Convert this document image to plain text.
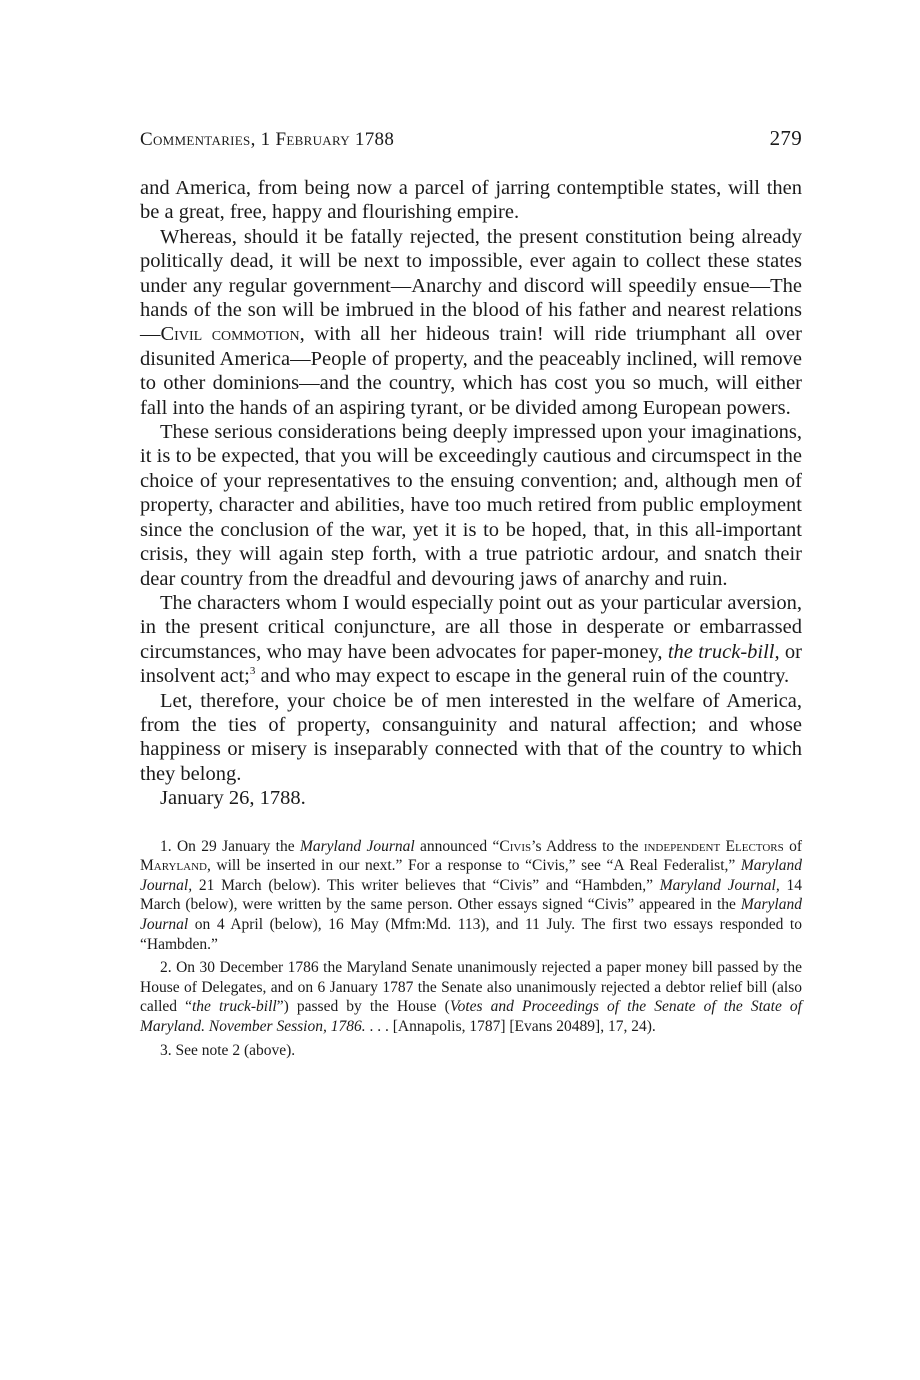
Commentaries, 1 February 1788	279

and America, from being now a parcel of jarring contemptible states, will then be a great, free, happy and flourishing empire.

Whereas, should it be fatally rejected, the present constitution being already politically dead, it will be next to impossible, ever again to collect these states under any regular government—Anarchy and discord will speedily ensue—The hands of the son will be imbrued in the blood of his father and nearest relations—Civil commotion, with all her hideous train! will ride triumphant all over disunited America—People of property, and the peaceably inclined, will remove to other dominions—and the country, which has cost you so much, will either fall into the hands of an aspiring tyrant, or be divided among European powers.

These serious considerations being deeply impressed upon your imaginations, it is to be expected, that you will be exceedingly cautious and circumspect in the choice of your representatives to the ensuing convention; and, although men of property, character and abilities, have too much retired from public employment since the conclusion of the war, yet it is to be hoped, that, in this all-important crisis, they will again step forth, with a true patriotic ardour, and snatch their dear country from the dreadful and devouring jaws of anarchy and ruin.

The characters whom I would especially point out as your particular aversion, in the present critical conjuncture, are all those in desperate or embarrassed circumstances, who may have been advocates for paper-money, the truck-bill, or insolvent act;$^3$ and who may expect to escape in the general ruin of the country.

Let, therefore, your choice be of men interested in the welfare of America, from the ties of property, consanguinity and natural affection; and whose happiness or misery is inseparably connected with that of the country to which they belong.

January 26, 1788.

1. On 29 January the Maryland Journal announced “Civis’s Address to the independent Electors of Maryland, will be inserted in our next.” For a response to “Civis,” see “A Real Federalist,” Maryland Journal, 21 March (below). This writer believes that “Civis” and “Hambden,” Maryland Journal, 14 March (below), were written by the same person. Other essays signed “Civis” appeared in the Maryland Journal on 4 April (below), 16 May (Mfm:Md. 113), and 11 July. The first two essays responded to “Hambden.”

2. On 30 December 1786 the Maryland Senate unanimously rejected a paper money bill passed by the House of Delegates, and on 6 January 1787 the Senate also unanimously rejected a debtor relief bill (also called “the truck-bill”) passed by the House (Votes and Proceedings of the Senate of the State of Maryland. November Session, 1786. . . . [Annapolis, 1787] [Evans 20489], 17, 24).

3. See note 2 (above).
